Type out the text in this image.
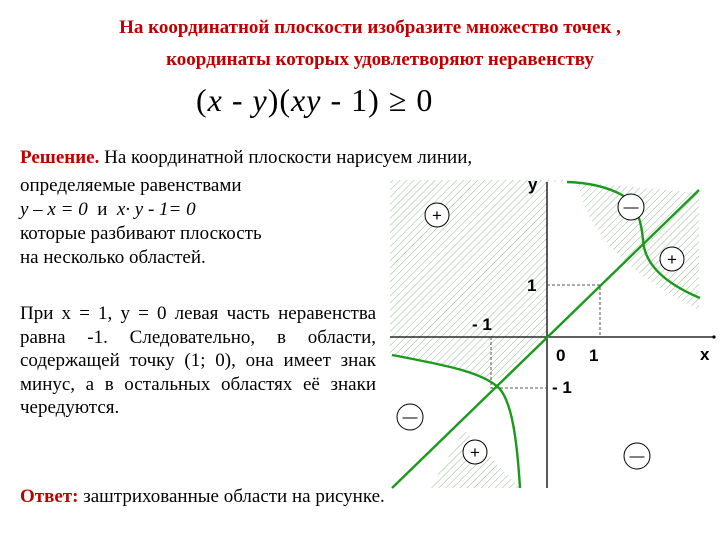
На координатной плоскости изобразите множество точек ,
координаты которых удовлетворяют неравенству
(x - y)(xy - 1) ≥ 0
Решение. На координатной плоскости нарисуем линии,
определяемые равенствами
y – x = 0 и x· y - 1= 0
которые разбивают плоскость
на несколько областей.
При x = 1, y = 0 левая часть неравенства равна -1. Следовательно, в области, содержащей точку (1; 0), она имеет знак минус, а в остальных областях её знаки чередуются.
Ответ: заштрихованные области на рисунке.
+	—
+
—
+	—
y
x
0 1
1
- 1
- 1
